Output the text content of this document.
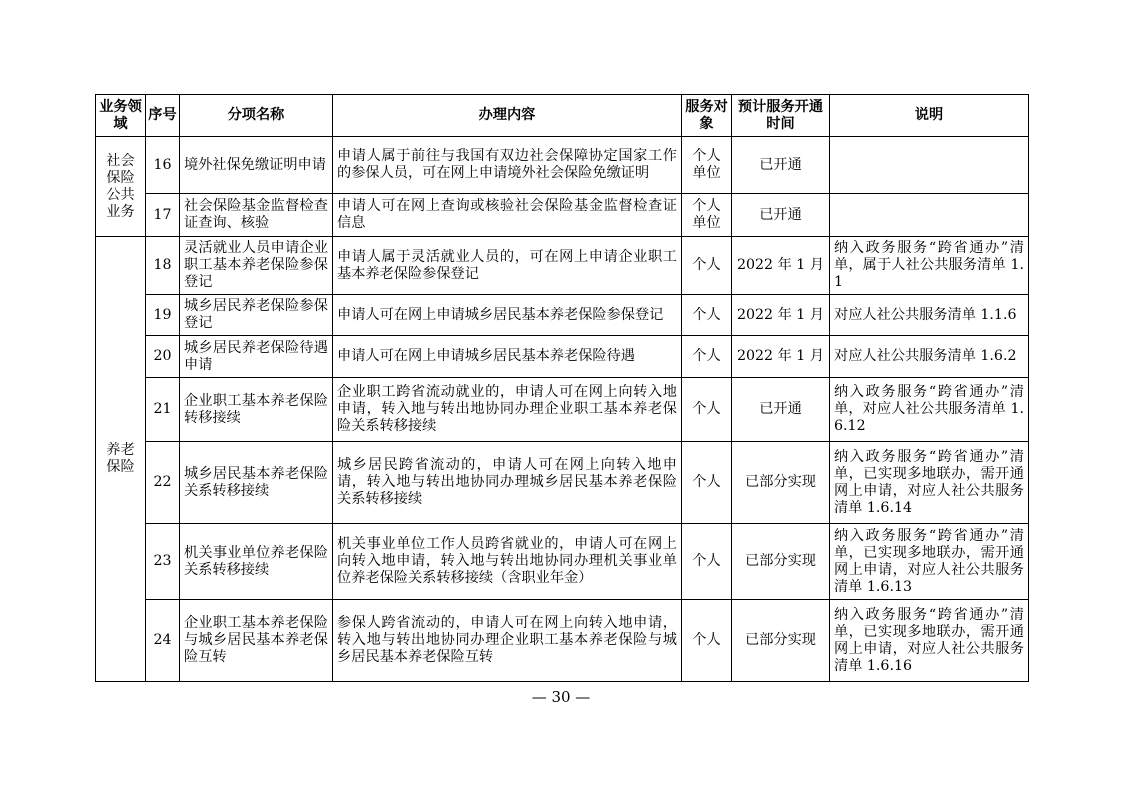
业务领域	序号	分项名称	办理内容	服务对象	预计服务开通时间	说明
社会保险公共业务	16	境外社保免缴证明申请	申请人属于前往与我国有双边社会保障协定国家工作的参保人员，可在网上申请境外社会保险免缴证明	个人单位	已开通	
	17	社会保险基金监督检查证查询、核验	申请人可在网上查询或核验社会保险基金监督检查证信息	个人单位	已开通	
养老保险	18	灵活就业人员申请企业职工基本养老保险参保登记	申请人属于灵活就业人员的，可在网上申请企业职工基本养老保险参保登记	个人	2022 年 1 月	纳入政务服务“跨省通办”清单，属于人社公共服务清单 1.1
	19	城乡居民养老保险参保登记	申请人可在网上申请城乡居民基本养老保险参保登记	个人	2022 年 1 月	对应人社公共服务清单 1.1.6
	20	城乡居民养老保险待遇申请	申请人可在网上申请城乡居民基本养老保险待遇	个人	2022 年 1 月	对应人社公共服务清单 1.6.2
	21	企业职工基本养老保险转移接续	企业职工跨省流动就业的，申请人可在网上向转入地申请，转入地与转出地协同办理企业职工基本养老保险关系转移接续	个人	已开通	纳入政务服务“跨省通办”清单，对应人社公共服务清单 1.6.12
	22	城乡居民基本养老保险关系转移接续	城乡居民跨省流动的，申请人可在网上向转入地申请，转入地与转出地协同办理城乡居民基本养老保险关系转移接续	个人	已部分实现	纳入政务服务“跨省通办”清单，已实现多地联办，需开通网上申请，对应人社公共服务清单 1.6.14
	23	机关事业单位养老保险关系转移接续	机关事业单位工作人员跨省就业的，申请人可在网上向转入地申请，转入地与转出地协同办理机关事业单位养老保险关系转移接续（含职业年金）	个人	已部分实现	纳入政务服务“跨省通办”清单，已实现多地联办，需开通网上申请，对应人社公共服务清单 1.6.13
	24	企业职工基本养老保险与城乡居民基本养老保险互转	参保人跨省流动的，申请人可在网上向转入地申请，转入地与转出地协同办理企业职工基本养老保险与城乡居民基本养老保险互转	个人	已部分实现	纳入政务服务“跨省通办”清单，已实现多地联办，需开通网上申请，对应人社公共服务清单 1.6.16
— 30 —
